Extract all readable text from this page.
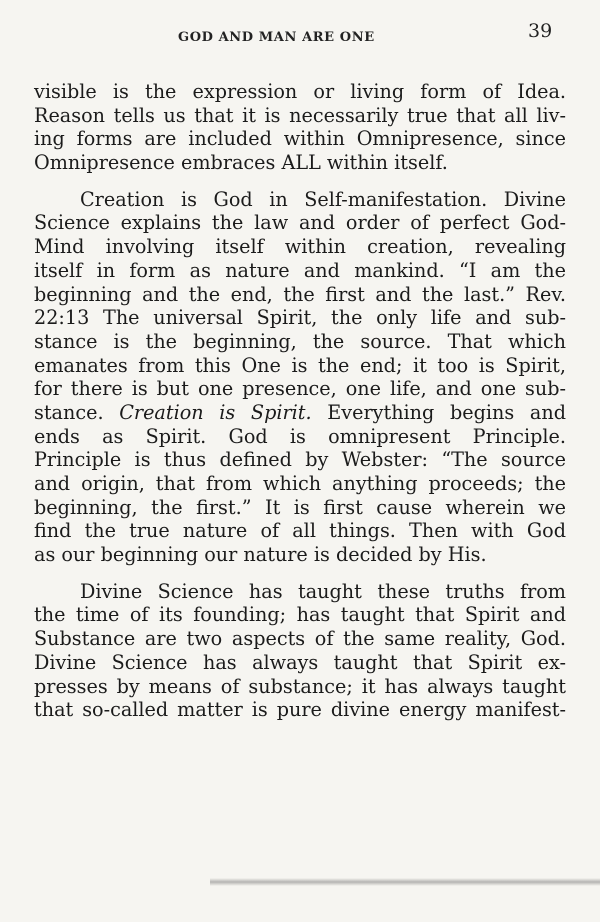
GOD AND MAN ARE ONE	39
visible is the expression or living form of Idea.
Reason tells us that it is necessarily true that all liv-
ing forms are included within Omnipresence, since
Omnipresence embraces ALL within itself.
Creation is God in Self-manifestation. Divine
Science explains the law and order of perfect God-
Mind involving itself within creation, revealing
itself in form as nature and mankind. “I am the
beginning and the end, the first and the last.” Rev.
22:13 The universal Spirit, the only life and sub-
stance is the beginning, the source. That which
emanates from this One is the end; it too is Spirit,
for there is but one presence, one life, and one sub-
stance. Creation is Spirit. Everything begins and
ends as Spirit. God is omnipresent Principle.
Principle is thus defined by Webster: “The source
and origin, that from which anything proceeds; the
beginning, the first.” It is first cause wherein we
find the true nature of all things. Then with God
as our beginning our nature is decided by His.
Divine Science has taught these truths from
the time of its founding; has taught that Spirit and
Substance are two aspects of the same reality, God.
Divine Science has always taught that Spirit ex-
presses by means of substance; it has always taught
that so-called matter is pure divine energy manifest-
